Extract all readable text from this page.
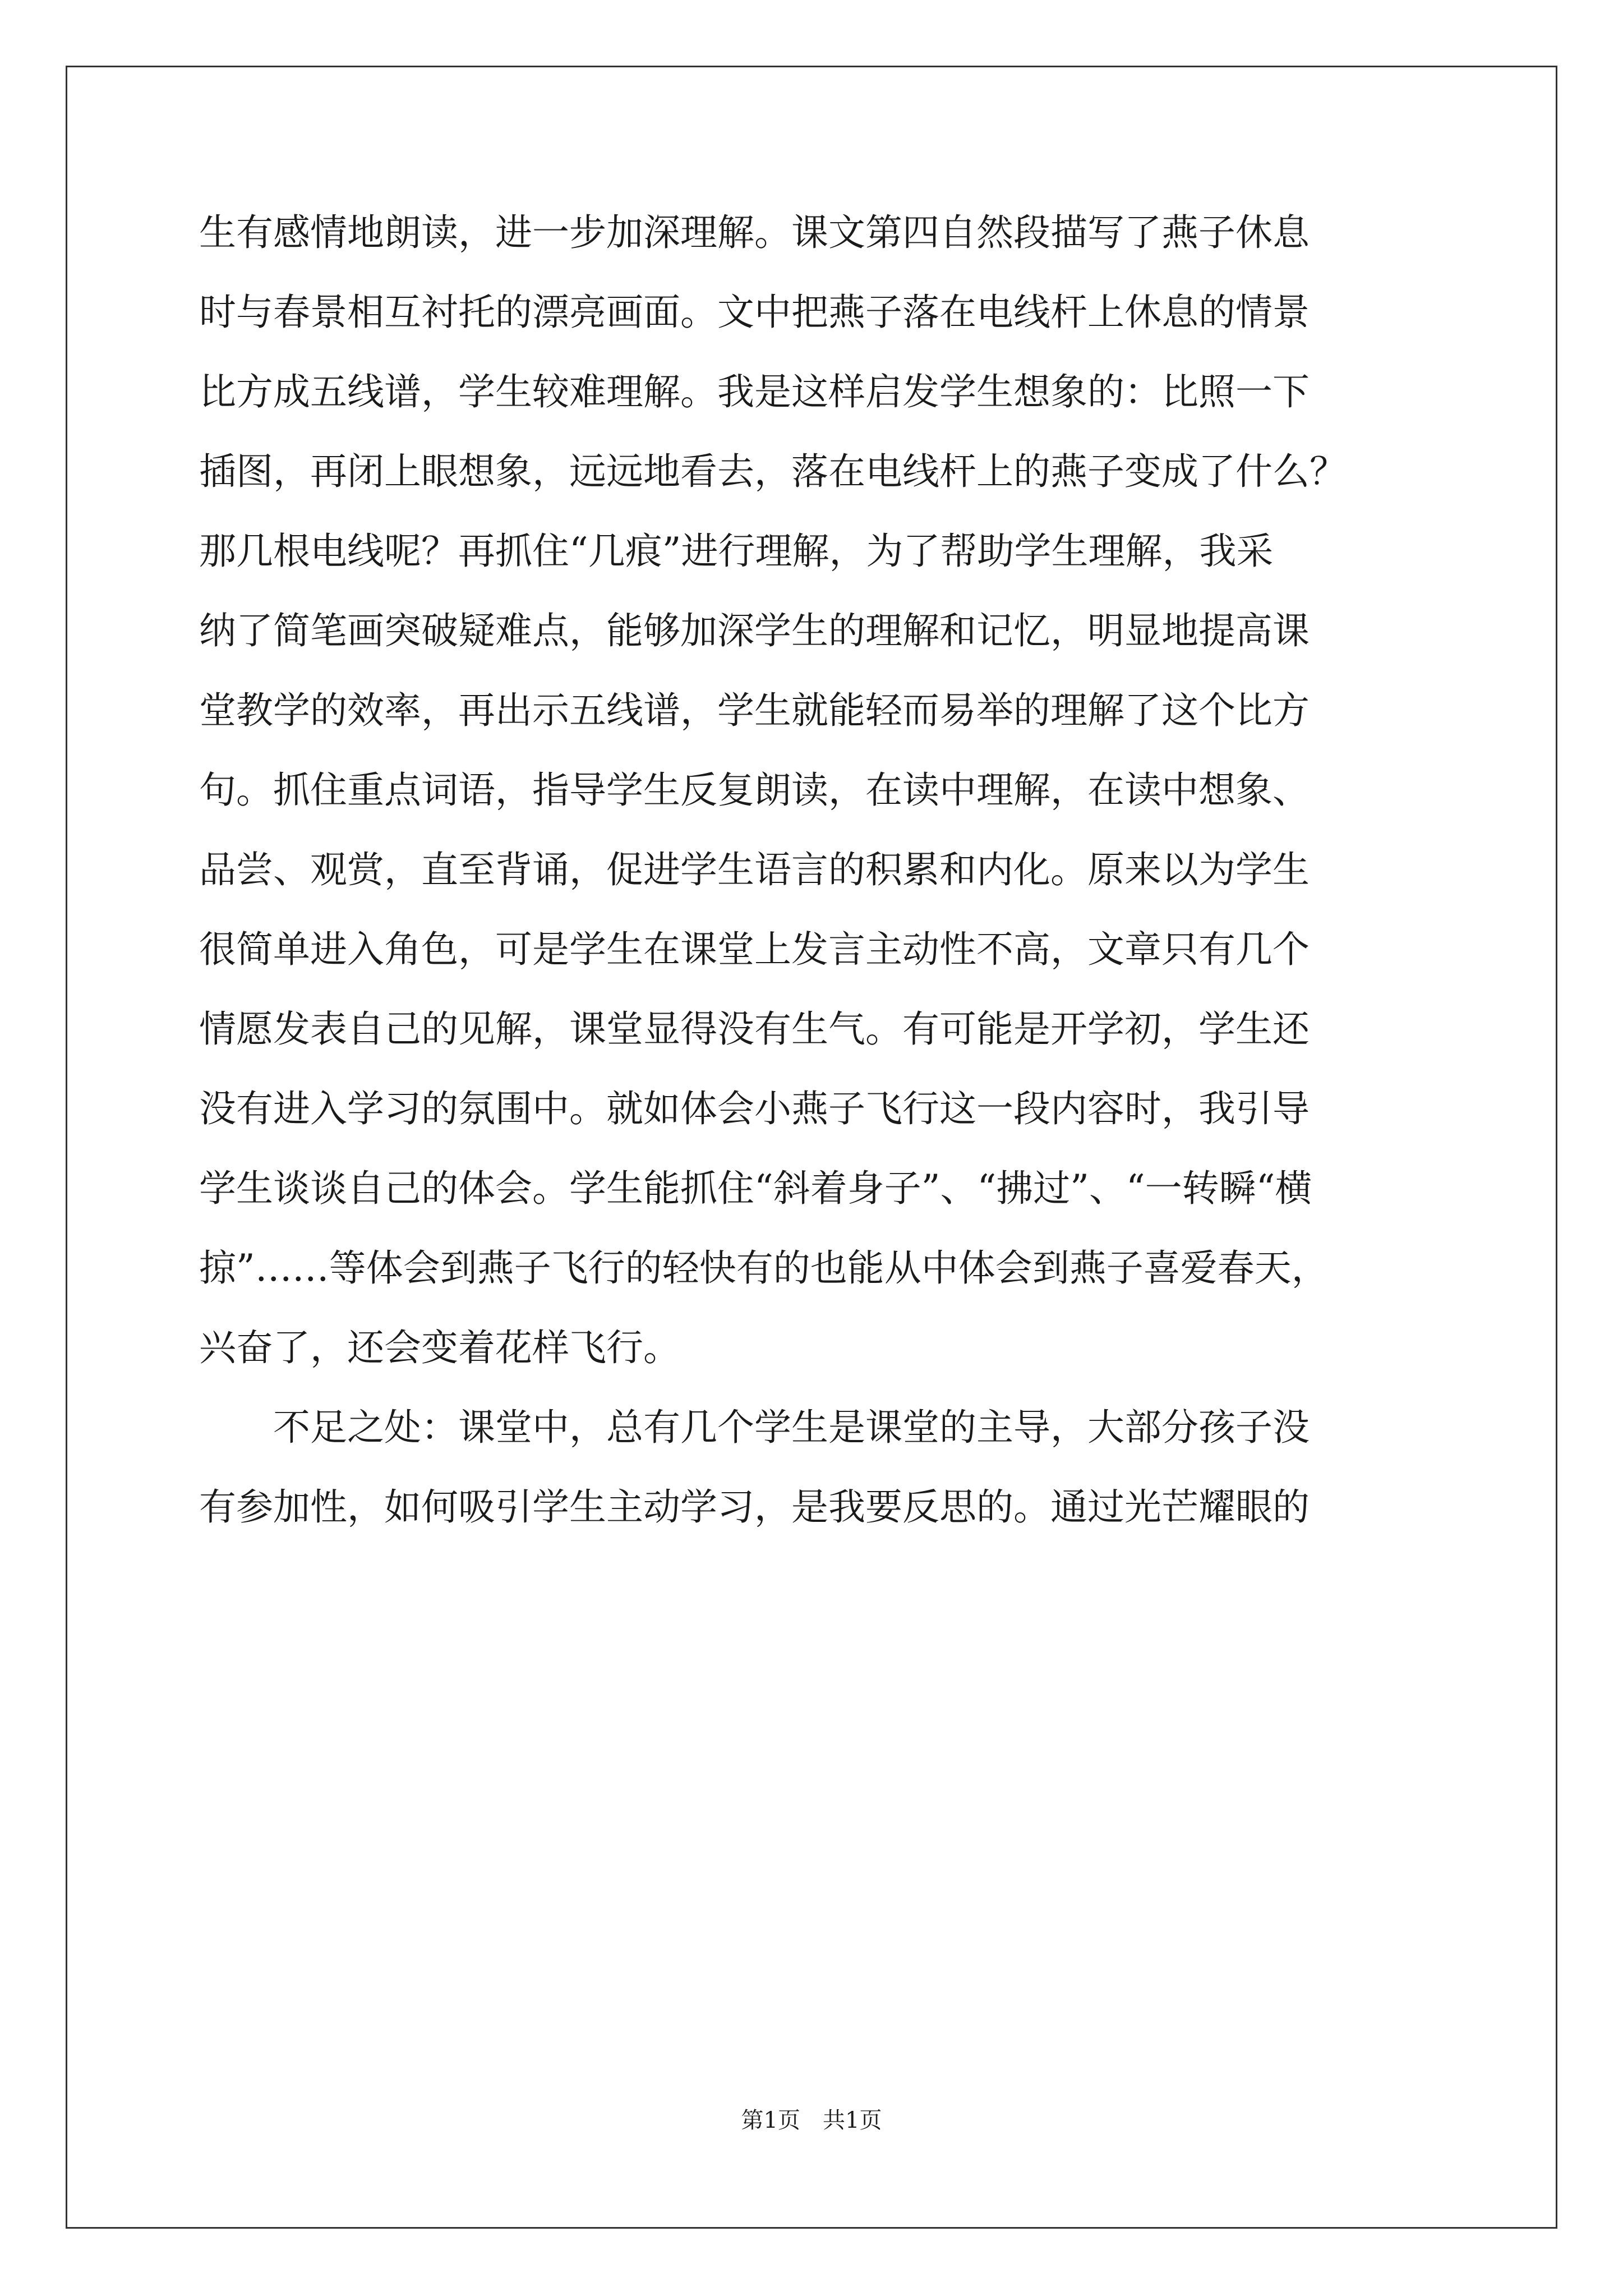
生有感情地朗读，进一步加深理解。课文第四自然段描写了燕子休息
时与春景相互衬托的漂亮画面。文中把燕子落在电线杆上休息的情景
比方成五线谱，学生较难理解。我是这样启发学生想象的：比照一下
插图，再闭上眼想象，远远地看去，落在电线杆上的燕子变成了什么？
那几根电线呢？再抓住“几痕”进行理解，为了帮助学生理解，我采
纳了简笔画突破疑难点，能够加深学生的理解和记忆，明显地提高课
堂教学的效率，再出示五线谱，学生就能轻而易举的理解了这个比方
句。抓住重点词语，指导学生反复朗读，在读中理解，在读中想象、
品尝、观赏，直至背诵，促进学生语言的积累和内化。原来以为学生
很简单进入角色，可是学生在课堂上发言主动性不高，文章只有几个
情愿发表自己的见解，课堂显得没有生气。有可能是开学初，学生还
没有进入学习的氛围中。就如体会小燕子飞行这一段内容时，我引导
学生谈谈自己的体会。学生能抓住“斜着身子”、“拂过”、“一转瞬“横
掠”……等体会到燕子飞行的轻快有的也能从中体会到燕子喜爱春天，
兴奋了，还会变着花样飞行。
　　不足之处：课堂中，总有几个学生是课堂的主导，大部分孩子没
有参加性，如何吸引学生主动学习，是我要反思的。通过光芒耀眼的
第1页　共1页
